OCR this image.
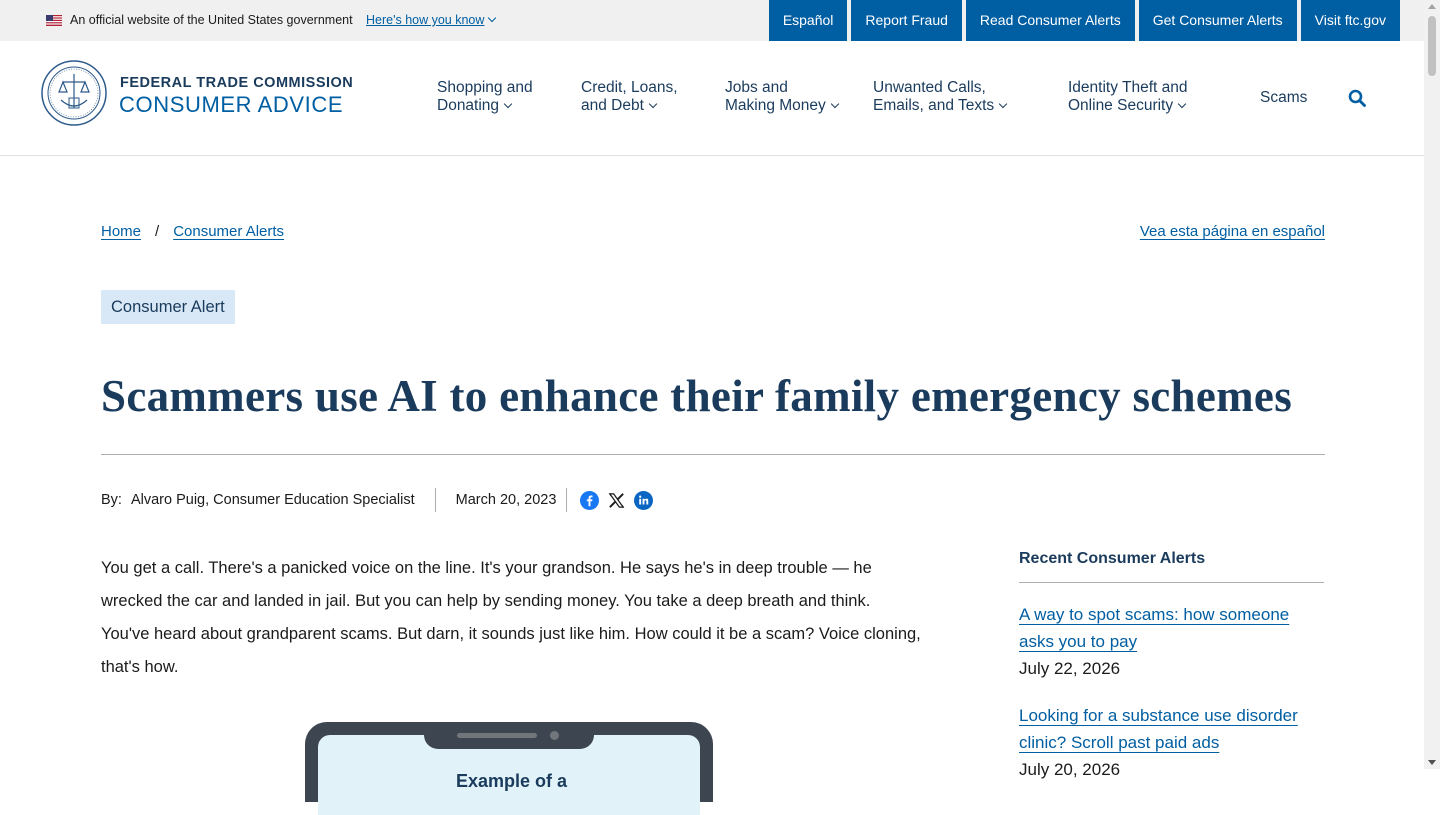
An official website of the United States government Here's how you know	Español	Report Fraud	Read Consumer Alerts	Get Consumer Alerts	Visit ftc.gov
FEDERAL TRADE COMMISSION
CONSUMER ADVICE
Shopping and
Donating
Credit, Loans,
and Debt
Jobs and
Making Money
Unwanted Calls,
Emails, and Texts
Identity Theft and
Online Security	Scams
Home / Consumer Alerts	Vea esta página en español
Consumer Alert
Scammers use AI to enhance their family emergency schemes
By: Alvaro Puig, Consumer Education Specialist	March 20, 2023

You get a call. There's a panicked voice on the line. It's your grandson. He says he's in deep trouble — he wrecked the car and landed in jail. But you can help by sending money. You take a deep breath and think. You've heard about grandparent scams. But darn, it sounds just like him. How could it be a scam? Voice cloning, that's how.

Example of a
Recent Consumer Alerts
A way to spot scams: how someone asks you to pay
July 22, 2026
Looking for a substance use disorder clinic? Scroll past paid ads
July 20, 2026
